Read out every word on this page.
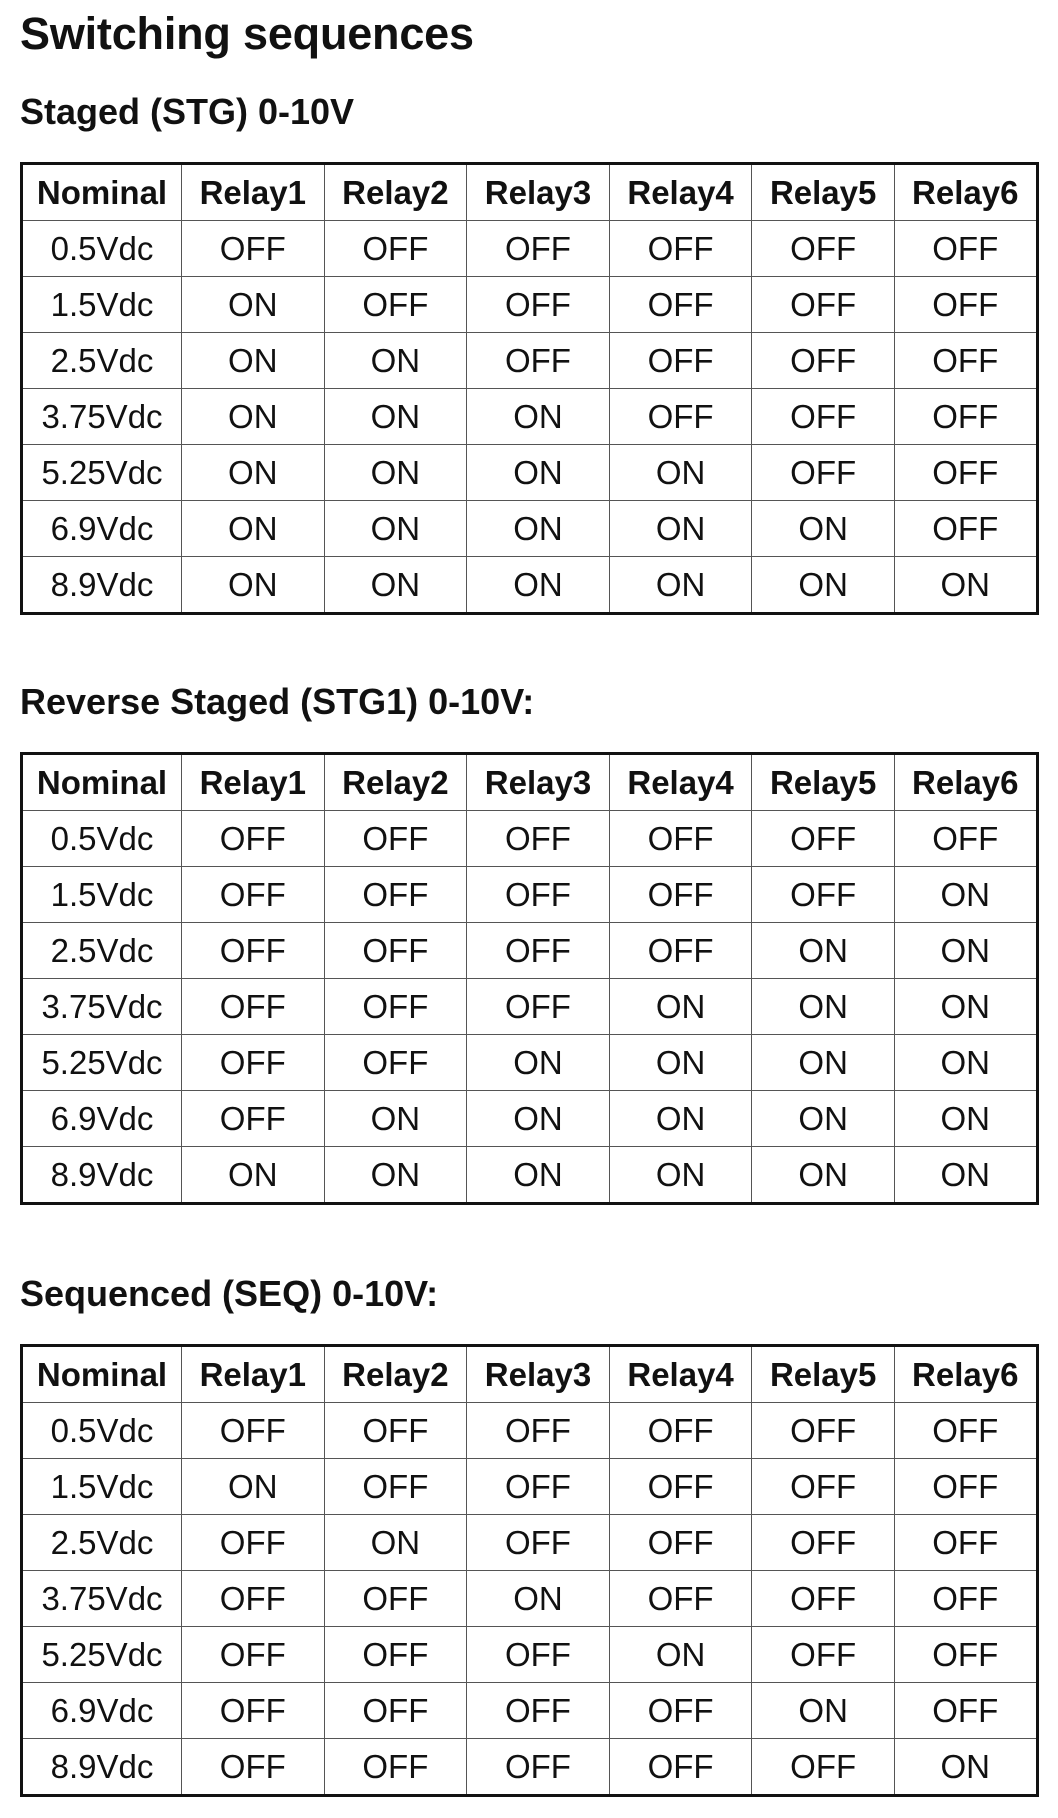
Switching sequences
Staged (STG) 0-10V
Nominal	Relay1	Relay2	Relay3	Relay4	Relay5	Relay6
0.5Vdc	OFF	OFF	OFF	OFF	OFF	OFF
1.5Vdc	ON	OFF	OFF	OFF	OFF	OFF
2.5Vdc	ON	ON	OFF	OFF	OFF	OFF
3.75Vdc	ON	ON	ON	OFF	OFF	OFF
5.25Vdc	ON	ON	ON	ON	OFF	OFF
6.9Vdc	ON	ON	ON	ON	ON	OFF
8.9Vdc	ON	ON	ON	ON	ON	ON
Reverse Staged (STG1) 0-10V:
Nominal	Relay1	Relay2	Relay3	Relay4	Relay5	Relay6
0.5Vdc	OFF	OFF	OFF	OFF	OFF	OFF
1.5Vdc	OFF	OFF	OFF	OFF	OFF	ON
2.5Vdc	OFF	OFF	OFF	OFF	ON	ON
3.75Vdc	OFF	OFF	OFF	ON	ON	ON
5.25Vdc	OFF	OFF	ON	ON	ON	ON
6.9Vdc	OFF	ON	ON	ON	ON	ON
8.9Vdc	ON	ON	ON	ON	ON	ON
Sequenced (SEQ) 0-10V:
Nominal	Relay1	Relay2	Relay3	Relay4	Relay5	Relay6
0.5Vdc	OFF	OFF	OFF	OFF	OFF	OFF
1.5Vdc	ON	OFF	OFF	OFF	OFF	OFF
2.5Vdc	OFF	ON	OFF	OFF	OFF	OFF
3.75Vdc	OFF	OFF	ON	OFF	OFF	OFF
5.25Vdc	OFF	OFF	OFF	ON	OFF	OFF
6.9Vdc	OFF	OFF	OFF	OFF	ON	OFF
8.9Vdc	OFF	OFF	OFF	OFF	OFF	ON
